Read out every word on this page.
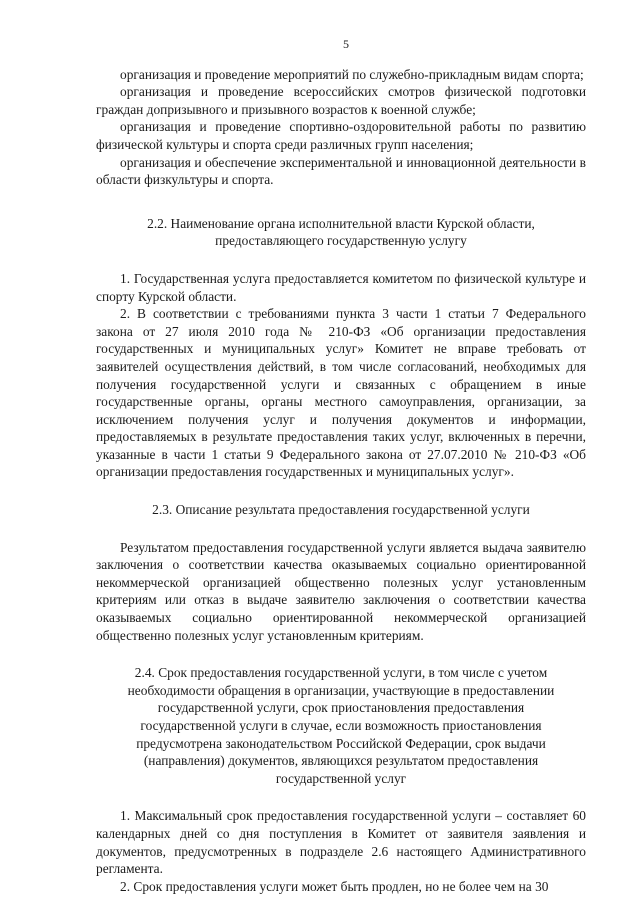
5

организация и проведение мероприятий по служебно-прикладным видам спорта;

организация и проведение всероссийских смотров физической подготовки граждан допризывного и призывного возрастов к военной службе;

организация и проведение спортивно-оздоровительной работы по развитию физической культуры и спорта среди различных групп населения;

организация и обеспечение экспериментальной и инновационной деятельности в области физкультуры и спорта.

2.2. Наименование органа исполнительной власти Курской области,

предоставляющего государственную услугу

1. Государственная услуга предоставляется комитетом по физической культуре и спорту Курской области.

2. В соответствии с требованиями пункта 3 части 1 статьи 7 Федерального закона от 27 июля 2010 года № 210-ФЗ «Об организации предоставления государственных и муниципальных услуг» Комитет не вправе требовать от заявителей осуществления действий, в том числе согласований, необходимых для получения государственной услуги и связанных с обращением в иные государственные органы, органы местного самоуправления, организации, за исключением получения услуг и получения документов и информации, предоставляемых в результате предоставления таких услуг, включенных в перечни, указанные в части 1 статьи 9 Федерального закона от 27.07.2010 № 210-ФЗ «Об организации предоставления государственных и муниципальных услуг».

2.3. Описание результата предоставления государственной услуги

Результатом предоставления государственной услуги является выдача заявителю заключения о соответствии качества оказываемых социально ориентированной некоммерческой организацией общественно полезных услуг установленным критериям или отказ в выдаче заявителю заключения о соответствии качества оказываемых социально ориентированной некоммерческой организацией общественно полезных услуг установленным критериям.

2.4. Срок предоставления государственной услуги, в том числе с учетом необходимости обращения в организации, участвующие в предоставлении государственной услуги, срок приостановления предоставления государственной услуги в случае, если возможность приостановления предусмотрена законодательством Российской Федерации, срок выдачи (направления) документов, являющихся результатом предоставления государственной услуг

1. Максимальный срок предоставления государственной услуги – составляет 60 календарных дней со дня поступления в Комитет от заявителя заявления и документов, предусмотренных в подразделе 2.6 настоящего Административного регламента.

2. Срок предоставления услуги может быть продлен, но не более чем на 30
